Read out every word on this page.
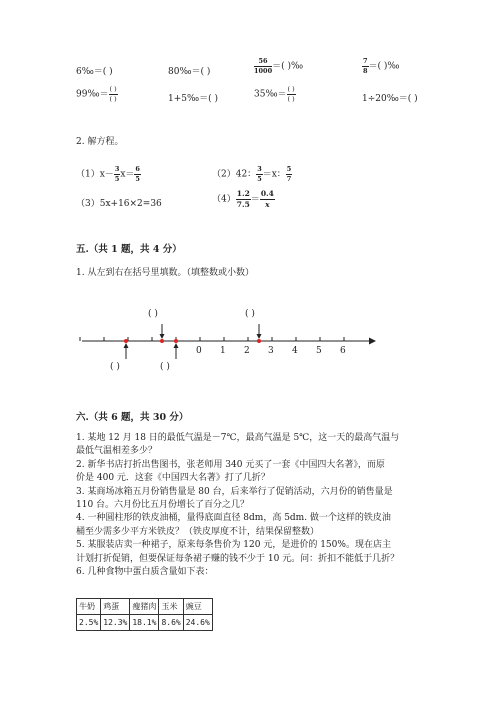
6‰＝( )	80‰＝( )	$\frac{56}{1000}$ ＝( )‰	$\frac{7}{8}$ ＝( )‰
99‰＝ $\frac{( )}{( )}$	1+5‰＝( )	35‰＝ $\frac{( )}{( )}$	1÷20‰＝( )
2. 解方程。
$(1)x- \frac{3}{5} x= \frac{6}{5}$	（2）42： $\frac{3}{5} =x$： $\frac{5}{7}$
（3）5x+16×2=36	$(4) \frac{1.2}{7.5} = \frac{0.4}{x}$
五.（共 1 题，共 4 分）
1. 从左到右在括号里填数。（填整数或小数）
( )	( )
( )	( )
0 1 2 3 4 5 6
六.（共 6 题，共 30 分）
1. 某地 12 月 18 日的最低气温是－7℃，最高气温是 5℃，这一天的最高气温与
最低气温相差多少？
2. 新华书店打折出售图书，张老师用 340 元买了一套《中国四大名著》，而原
价是 400 元．这套《中国四大名著》打了几折？
3. 某商场冰箱五月份销售量是 80 台，后来举行了促销活动，六月份的销售量是
110 台。六月份比五月份增长了百分之几？
4. 一种圆柱形的铁皮油桶，量得底面直径 8dm，高 5dm. 做一个这样的铁皮油
桶至少需多少平方米铁皮？（铁皮厚度不计，结果保留整数）
5. 某服装店卖一种裙子，原来每条售价为 120 元，是进价的 150%。现在店主
计划打折促销，但要保证每条裙子赚的钱不少于 10 元。问：折扣不能低于几折？
6. 几种食物中蛋白质含量如下表：
牛奶	鸡蛋	瘦猪肉	玉米	豌豆
2.5%	12.3%	18.1%	8.6%	24.6%
